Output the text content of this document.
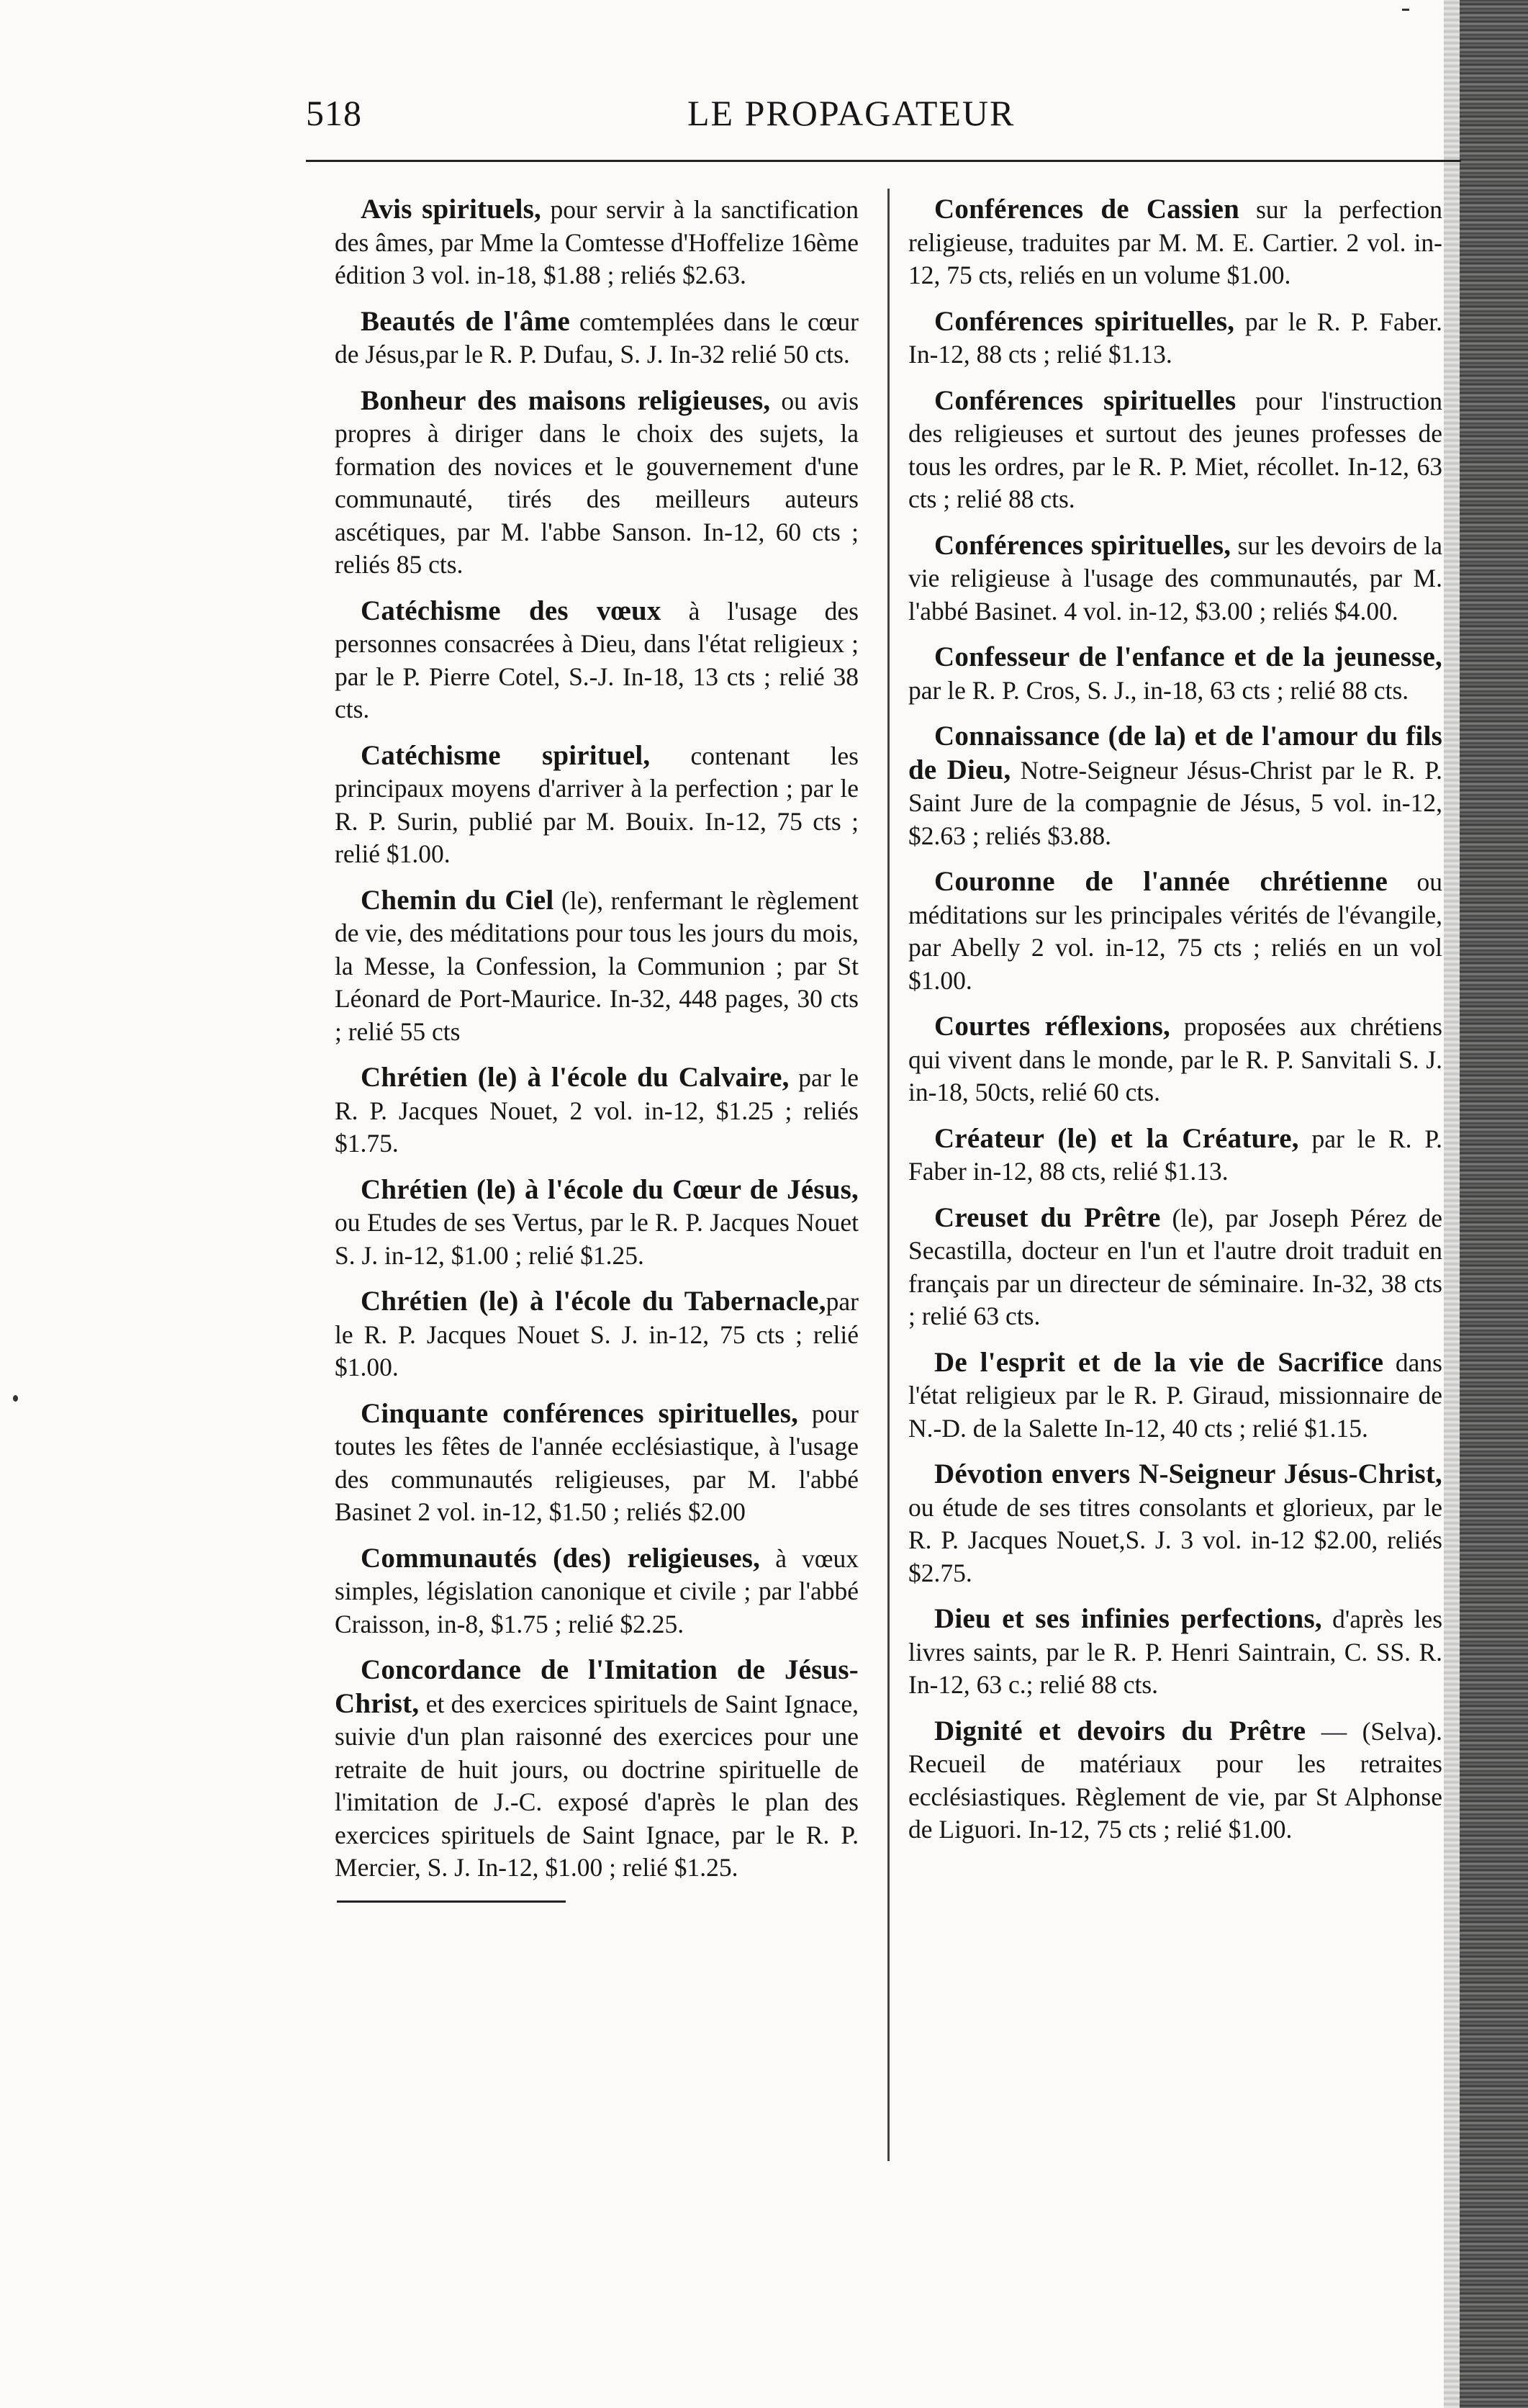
518	LE PROPAGATEUR

Avis spirituels, pour servir à la sanctification des âmes, par Mme la Comtesse d'Hoffelize 16ème édition 3 vol. in-18, $1.88 ; reliés $2.63.

Beautés de l'âme comtemplées dans le cœur de Jésus,par le R. P. Dufau, S. J. In-32 relié 50 cts.

Bonheur des maisons religieuses, ou avis propres à diriger dans le choix des sujets, la formation des novices et le gouvernement d'une communauté, tirés des meilleurs auteurs ascétiques, par M. l'abbe Sanson. In-12, 60 cts ; reliés 85 cts.

Catéchisme des vœux à l'usage des personnes consacrées à Dieu, dans l'état religieux ; par le P. Pierre Cotel, S.-J. In-18, 13 cts ; relié 38 cts.

Catéchisme spirituel, contenant les principaux moyens d'arriver à la perfection ; par le R. P. Surin, publié par M. Bouix. In-12, 75 cts ; relié $1.00.

Chemin du Ciel (le), renfermant le règlement de vie, des méditations pour tous les jours du mois, la Messe, la Confession, la Communion ; par St Léonard de Port-Maurice. In-32, 448 pages, 30 cts ; relié 55 cts

Chrétien (le) à l'école du Calvaire, par le R. P. Jacques Nouet, 2 vol. in-12, $1.25 ; reliés $1.75.

Chrétien (le) à l'école du Cœur de Jésus, ou Etudes de ses Vertus, par le R. P. Jacques Nouet S. J. in-12, $1.00 ; relié $1.25.

Chrétien (le) à l'école du Tabernacle,par le R. P. Jacques Nouet S. J. in-12, 75 cts ; relié $1.00.

Cinquante conférences spirituelles, pour toutes les fêtes de l'année ecclésiastique, à l'usage des communautés religieuses, par M. l'abbé Basinet 2 vol. in-12, $1.50 ; reliés $2.00

Communautés (des) religieuses, à vœux simples, législation canonique et civile ; par l'abbé Craisson, in-8, $1.75 ; relié $2.25.

Concordance de l'Imitation de Jésus-Christ, et des exercices spirituels de Saint Ignace, suivie d'un plan raisonné des exercices pour une retraite de huit jours, ou doctrine spirituelle de l'imitation de J.-C. exposé d'après le plan des exercices spirituels de Saint Ignace, par le R. P. Mercier, S. J. In-12, $1.00 ; relié $1.25.

Conférences de Cassien sur la perfection religieuse, traduites par M. M. E. Cartier. 2 vol. in-12, 75 cts, reliés en un volume $1.00.

Conférences spirituelles, par le R. P. Faber. In-12, 88 cts ; relié $1.13.

Conférences spirituelles pour l'instruction des religieuses et surtout des jeunes professes de tous les ordres, par le R. P. Miet, récollet. In-12, 63 cts ; relié 88 cts.

Conférences spirituelles, sur les devoirs de la vie religieuse à l'usage des communautés, par M. l'abbé Basinet. 4 vol. in-12, $3.00 ; reliés $4.00.

Confesseur de l'enfance et de la jeunesse, par le R. P. Cros, S. J., in-18, 63 cts ; relié 88 cts.

Connaissance (de la) et de l'amour du fils de Dieu, Notre-Seigneur Jésus-Christ par le R. P. Saint Jure de la compagnie de Jésus, 5 vol. in-12, $2.63 ; reliés $3.88.

Couronne de l'année chrétienne ou méditations sur les principales vérités de l'évangile, par Abelly 2 vol. in-12, 75 cts ; reliés en un vol $1.00.

Courtes réflexions, proposées aux chrétiens qui vivent dans le monde, par le R. P. Sanvitali S. J. in-18, 50cts, relié 60 cts.

Créateur (le) et la Créature, par le R. P. Faber in-12, 88 cts, relié $1.13.

Creuset du Prêtre (le), par Joseph Pérez de Secastilla, docteur en l'un et l'autre droit traduit en français par un directeur de séminaire. In-32, 38 cts ; relié 63 cts.

De l'esprit et de la vie de Sacrifice dans l'état religieux par le R. P. Giraud, missionnaire de N.-D. de la Salette In-12, 40 cts ; relié $1.15.

Dévotion envers N-Seigneur Jésus-Christ, ou étude de ses titres consolants et glorieux, par le R. P. Jacques Nouet,S. J. 3 vol. in-12 $2.00, reliés $2.75.

Dieu et ses infinies perfections, d'après les livres saints, par le R. P. Henri Saintrain, C. SS. R. In-12, 63 c.; relié 88 cts.

Dignité et devoirs du Prêtre — (Selva). Recueil de matériaux pour les retraites ecclésiastiques. Règlement de vie, par St Alphonse de Liguori. In-12, 75 cts ; relié $1.00.
